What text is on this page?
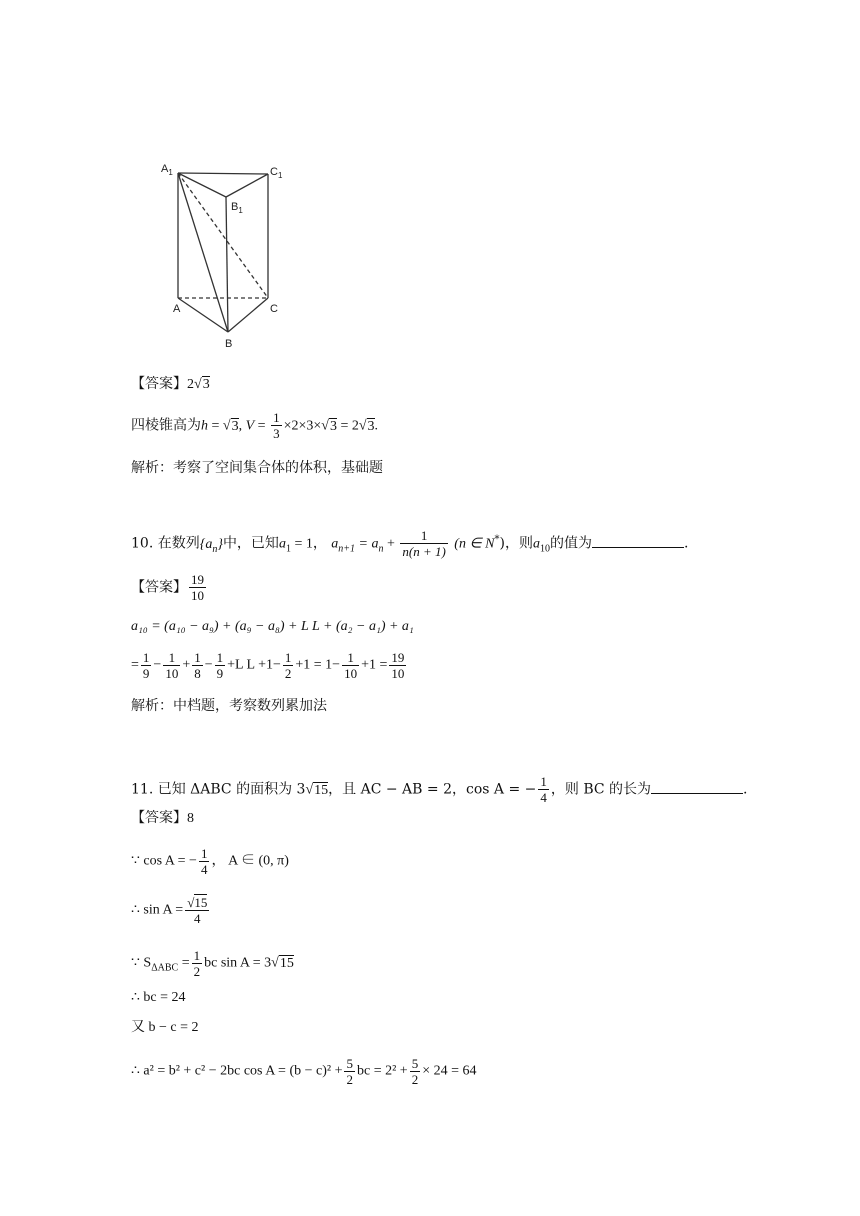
$A_1$	$C_1$
$B_1$
A	C
B
【答案】2√3
四棱锥高为h = √3, $V = \frac{1}{3} \times 2\times 3\times√3 = 2√3$.
解析：考察了空间集合体的体积，基础题
10. 在数列$\{a_n\}$中，已知$a_1 = 1$， $a_{n+1} = a_n + \frac{1}{n(n + 1)} (n$ ∈ N*)，则$a_{10}$的值为	.
【答案】 $\frac{19}{10}$
a₁₀ = (a₁₀ − a₉) + (a₉ − a₈) + L L + (a₂ − a₁) + a₁
= $\frac{1}{9} - \frac{1}{10} + \frac{1}{8} - \frac{1}{9} +L$ $L +1- \frac{1}{2} +1 = 1- \frac{1}{10} +1 = \frac{19}{10}$
解析：中档题，考察数列累加法
11. 已知 ΔABC 的面积为 3√15，且 AC − AB = 2，cos A = − $\frac{1}{4}$ ，则 BC 的长为	.
【答案】8
∵ cos A = − $\frac{1}{4}$ ， A ∈ (0, π)
∴ $\sin A = \frac{√15}{4}$
∵ $S_{\Delta ABC} = \frac{1}{2}$ bc sin A = 3√15
∴ bc = 24
又 b − c = 2
∴ a² = b² + c² − 2bc $\cos A = (b - c)^2 + \frac{5}{2}$ bc = $2^2 + \frac{5}{2} \times 24 = 64$
